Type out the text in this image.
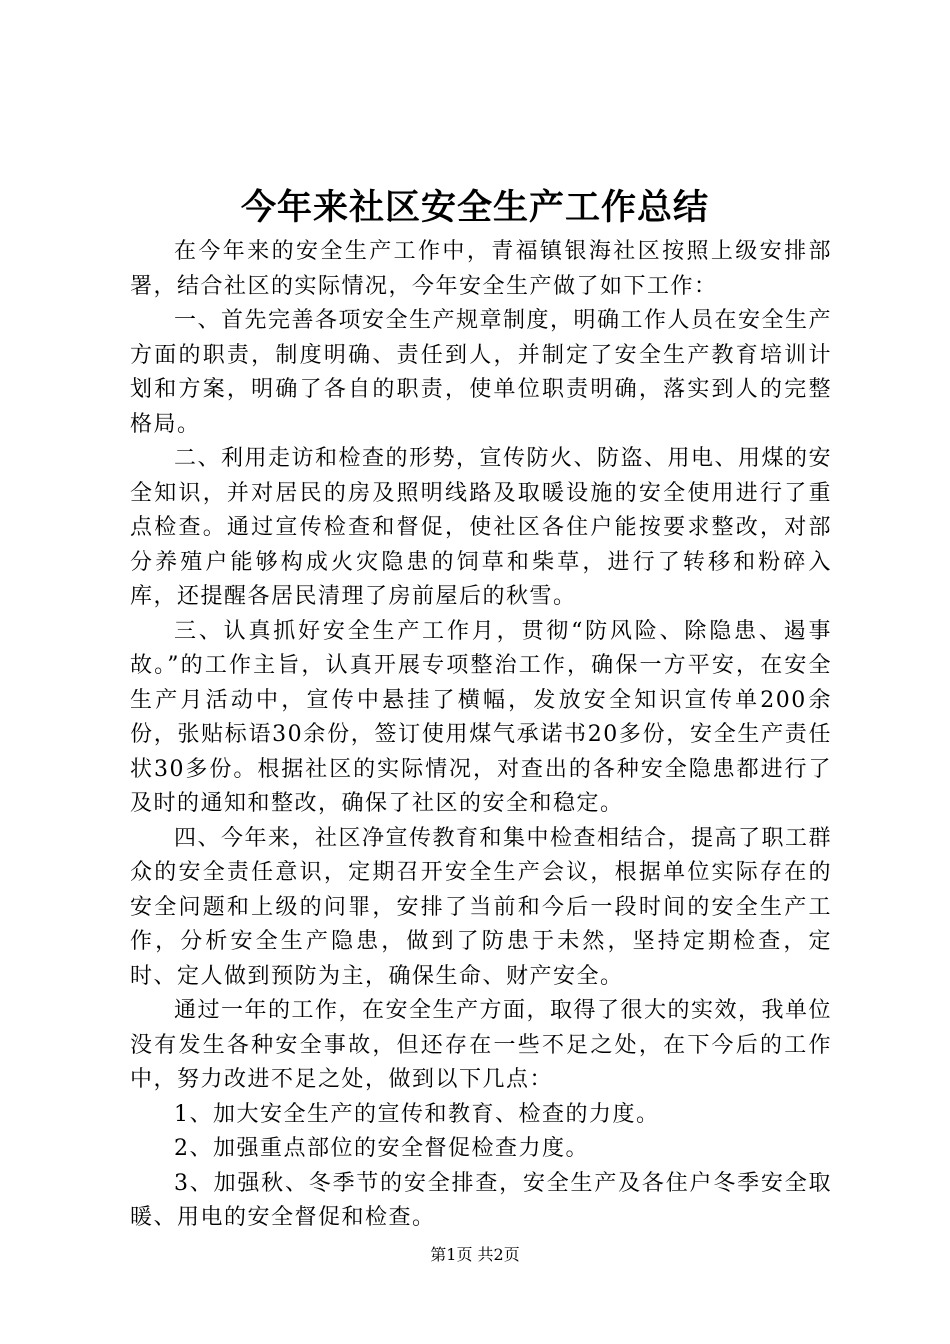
今年来社区安全生产工作总结

在今年来的安全生产工作中，青福镇银海社区按照上级安排部署，结合社区的实际情况，今年安全生产做了如下工作：

一、首先完善各项安全生产规章制度，明确工作人员在安全生产方面的职责，制度明确、责任到人，并制定了安全生产教育培训计划和方案，明确了各自的职责，使单位职责明确，落实到人的完整格局。

二、利用走访和检查的形势，宣传防火、防盗、用电、用煤的安全知识，并对居民的房及照明线路及取暖设施的安全使用进行了重点检查。通过宣传检查和督促，使社区各住户能按要求整改，对部分养殖户能够构成火灾隐患的饲草和柴草，进行了转移和粉碎入库，还提醒各居民清理了房前屋后的秋雪。

三、认真抓好安全生产工作月，贯彻“防风险、除隐患、遏事故。”的工作主旨，认真开展专项整治工作，确保一方平安，在安全生产月活动中，宣传中悬挂了横幅，发放安全知识宣传单200余份，张贴标语30余份，签订使用煤气承诺书20多份，安全生产责任状30多份。根据社区的实际情况，对查出的各种安全隐患都进行了及时的通知和整改，确保了社区的安全和稳定。

四、今年来，社区净宣传教育和集中检查相结合，提高了职工群众的安全责任意识，定期召开安全生产会议，根据单位实际存在的安全问题和上级的问罪，安排了当前和今后一段时间的安全生产工作，分析安全生产隐患，做到了防患于未然，坚持定期检查，定时、定人做到预防为主，确保生命、财产安全。

通过一年的工作，在安全生产方面，取得了很大的实效，我单位没有发生各种安全事故，但还存在一些不足之处，在下今后的工作中，努力改进不足之处，做到以下几点：

1、加大安全生产的宣传和教育、检查的力度。

2、加强重点部位的安全督促检查力度。

3、加强秋、冬季节的安全排查，安全生产及各住户冬季安全取暖、用电的安全督促和检查。

第1页 共2页
